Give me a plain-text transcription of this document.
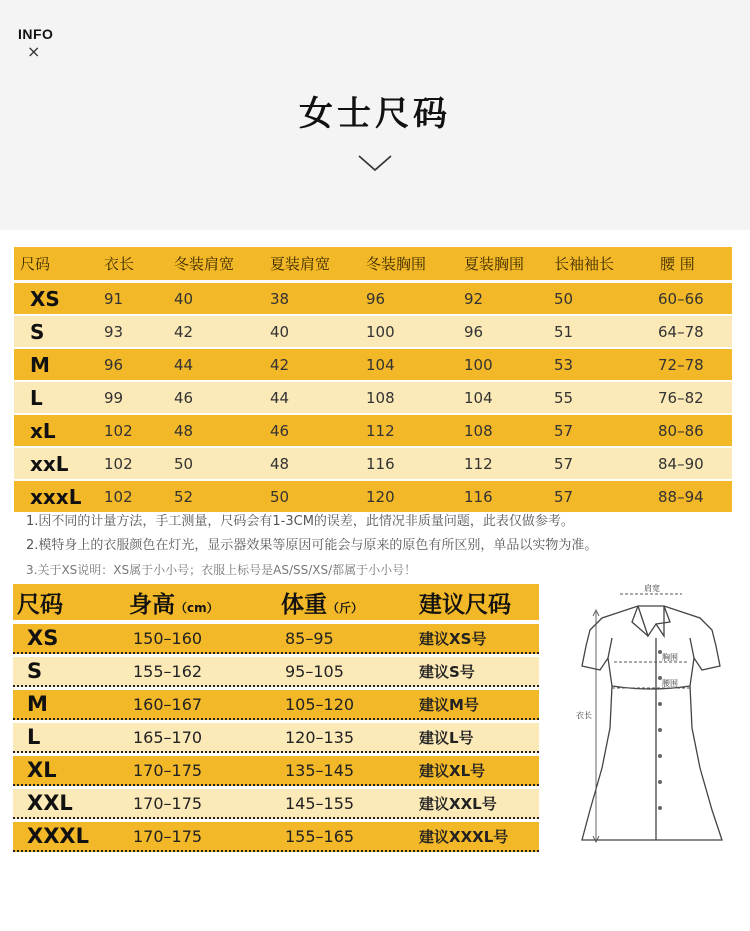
INFO
×
女士尺码
尺码	衣长	冬装肩宽	夏装肩宽	冬装胸围	夏装胸围	长袖袖长	腰 围
XS	91	40	38	96	92	50	60–66
S	93	42	40	100	96	51	64–78
M	96	44	42	104	100	53	72–78
L	99	46	44	108	104	55	76–82
xL	102	48	46	112	108	57	80–86
xxL	102	50	48	116	112	57	84–90
xxxL	102	52	50	120	116	57	88–94
1.因不同的计量方法，手工测量，尺码会有1-3CM的误差，此情况非质量问题，此表仅做参考。
2.模特身上的衣服颜色在灯光，显示器效果等原因可能会与原来的原色有所区别，单品以实物为准。
3.关于XS说明：XS属于小小号；衣服上标号是AS/SS/XS/都属于小小号！
尺码	身高（cm）	体重（斤）	建议尺码
XS	150–160	85–95	建议XS号
S	155–162	95–105	建议S号
M	160–167	105–120	建议M号
L	165–170	120–135	建议L号
XL	170–175	135–145	建议XL号
XXL	170–175	145–155	建议XXL号
XXXL	170–175	155–165	建议XXXL号
肩宽
胸围
腰围
衣长
